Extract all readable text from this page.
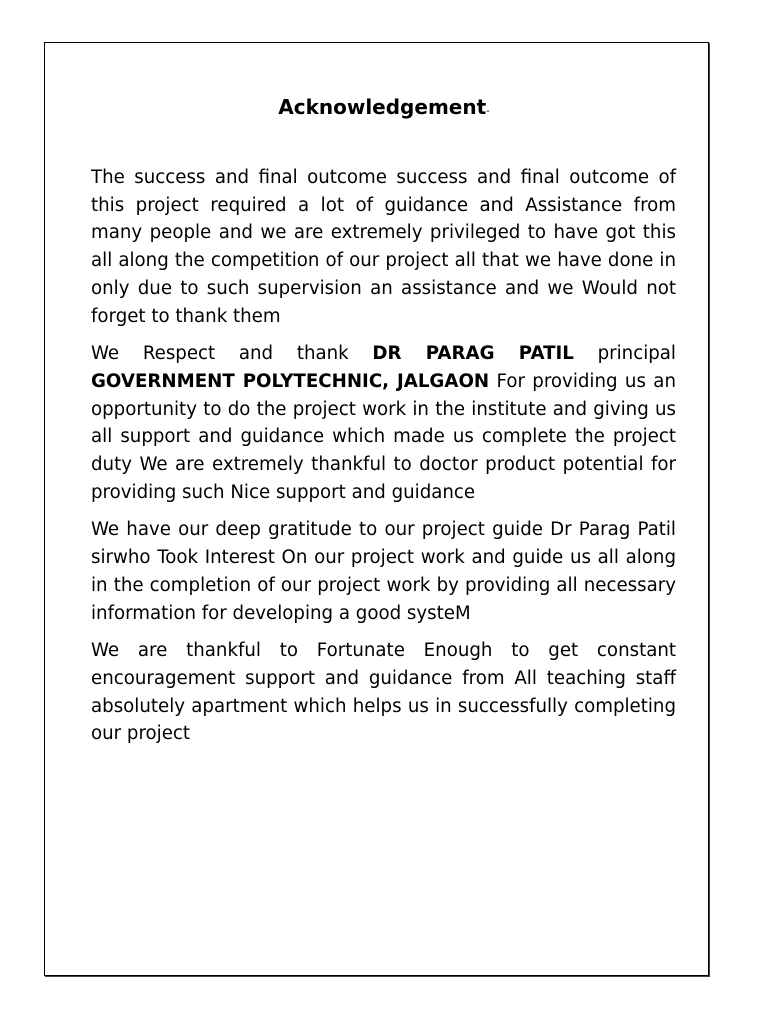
Acknowledgement-

The success and final outcome success and final outcome of this project required a lot of guidance and Assistance from many people and we are extremely privileged to have got this all along the competition of our project all that we have done in only due to such supervision an assistance and we Would not forget to thank them

We Respect and thank DR PARAG PATIL principal GOVERNMENT POLYTECHNIC, JALGAON For providing us an opportunity to do the project work in the institute and giving us all support and guidance which made us complete the project duty We are extremely thankful to doctor product potential for providing such Nice support and guidance

We have our deep gratitude to our project guide Dr Parag Patil sirwho Took Interest On our project work and guide us all along in the completion of our project work by providing all necessary information for developing a good systeM

We are thankful to Fortunate Enough to get constant encouragement support and guidance from All teaching staff absolutely apartment which helps us in successfully completing our project
